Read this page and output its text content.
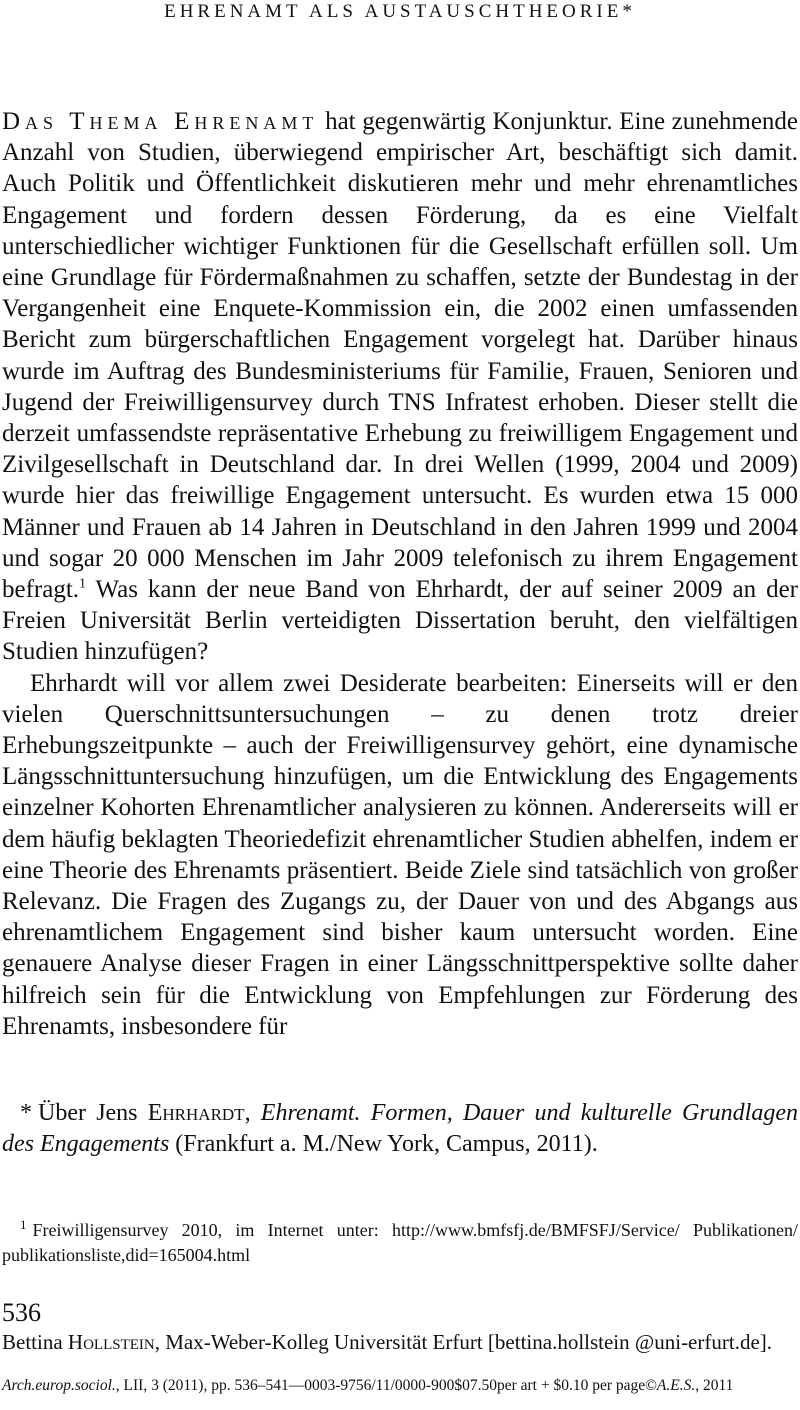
EHRENAMT ALS AUSTAUSCHTHEORIE*

Das Thema Ehrenamt hat gegenwärtig Konjunktur. Eine zunehmende Anzahl von Studien, überwiegend empirischer Art, beschäftigt sich damit. Auch Politik und Öffentlichkeit diskutieren mehr und mehr ehrenamtliches Engagement und fordern dessen Förderung, da es eine Vielfalt unterschiedlicher wichtiger Funktionen für die Gesellschaft erfüllen soll. Um eine Grundlage für Fördermaßnahmen zu schaffen, setzte der Bundestag in der Vergangenheit eine Enquete-Kommission ein, die 2002 einen umfassenden Bericht zum bürgerschaftlichen Engagement vorgelegt hat. Darüber hinaus wurde im Auftrag des Bundesministeriums für Familie, Frauen, Senioren und Jugend der Freiwilligensurvey durch TNS Infratest erhoben. Dieser stellt die derzeit umfassendste repräsentative Erhebung zu freiwilligem Engagement und Zivilgesellschaft in Deutschland dar. In drei Wellen (1999, 2004 und 2009) wurde hier das freiwillige Engagement untersucht. Es wurden etwa 15 000 Männer und Frauen ab 14 Jahren in Deutschland in den Jahren 1999 und 2004 und sogar 20 000 Menschen im Jahr 2009 telefonisch zu ihrem Engagement befragt.$^1$ Was kann der neue Band von Ehrhardt, der auf seiner 2009 an der Freien Universität Berlin verteidigten Dissertation beruht, den vielfältigen Studien hinzufügen?

Ehrhardt will vor allem zwei Desiderate bearbeiten: Einerseits will er den vielen Querschnittsuntersuchungen – zu denen trotz dreier Erhebungszeitpunkte – auch der Freiwilligensurvey gehört, eine dynamische Längsschnittuntersuchung hinzufügen, um die Entwicklung des Engagements einzelner Kohorten Ehrenamtlicher analysieren zu können. Andererseits will er dem häufig beklagten Theoriedefizit ehrenamtlicher Studien abhelfen, indem er eine Theorie des Ehrenamts präsentiert. Beide Ziele sind tatsächlich von großer Relevanz. Die Fragen des Zugangs zu, der Dauer von und des Abgangs aus ehrenamtlichem Engagement sind bisher kaum untersucht worden. Eine genauere Analyse dieser Fragen in einer Längsschnittperspektive sollte daher hilfreich sein für die Entwicklung von Empfehlungen zur Förderung des Ehrenamts, insbesondere für

* Über Jens Ehrhardt, Ehrenamt. Formen, Dauer und kulturelle Grundlagen des Engagements (Frankfurt a. M./New York, Campus, 2011).
$^1$ Freiwilligensurvey 2010, im Internet unter: http://www.bmfsfj.de/BMFSFJ/Service/ Publikationen/ publikationsliste,did=165004.html
536
Bettina Hollstein, Max-Weber-Kolleg Universität Erfurt [bettina.hollstein @uni-erfurt.de].
Arch.europ.sociol., LII, 3 (2011), pp. 536–541—0003-9756/11/0000-900$07.50per art + $0.10 per page©A.E.S., 2011
